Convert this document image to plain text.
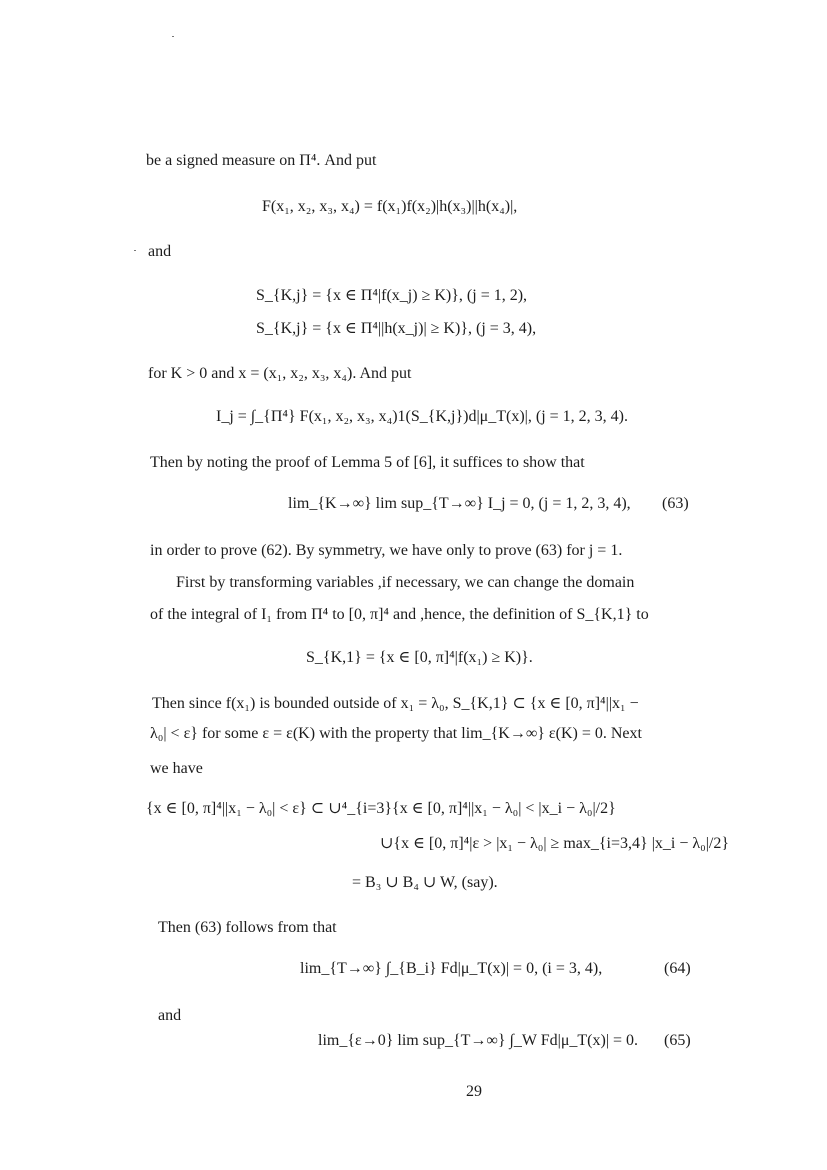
be a signed measure on Π⁴. And put
F(x₁, x₂, x₃, x₄) = f(x₁)f(x₂)|h(x₃)||h(x₄)|,
and
S_{K,j} = {x ∈ Π⁴|f(x_j) ≥ K)}, (j = 1, 2),
S_{K,j} = {x ∈ Π⁴||h(x_j)| ≥ K)}, (j = 3, 4),
for K > 0 and x = (x₁, x₂, x₃, x₄). And put
I_j = ∫_{Π⁴} F(x₁, x₂, x₃, x₄)1(S_{K,j})d|μ_T(x)|, (j = 1, 2, 3, 4).
Then by noting the proof of Lemma 5 of [6], it suffices to show that
lim_{K→∞} lim sup_{T→∞} I_j = 0, (j = 1, 2, 3, 4), (63)
in order to prove (62). By symmetry, we have only to prove (63) for j = 1.
First by transforming variables ,if necessary, we can change the domain
of the integral of I₁ from Π⁴ to [0, π]⁴ and ,hence, the definition of S_{K,1} to
S_{K,1} = {x ∈ [0, π]⁴|f(x₁) ≥ K)}.
Then since f(x₁) is bounded outside of x₁ = λ₀, S_{K,1} ⊂ {x ∈ [0, π]⁴||x₁ −
λ₀| < ε} for some ε = ε(K) with the property that lim_{K→∞} ε(K) = 0. Next
we have
{x ∈ [0, π]⁴||x₁ − λ₀| < ε} ⊂ ∪⁴_{i=3}{x ∈ [0, π]⁴||x₁ − λ₀| < |x_i − λ₀|/2}
∪{x ∈ [0, π]⁴|ε > |x₁ − λ₀| ≥ max_{i=3,4} |x_i − λ₀|/2}
= B₃ ∪ B₄ ∪ W, (say).
Then (63) follows from that
lim_{T→∞} ∫_{B_i} Fd|μ_T(x)| = 0, (i = 3, 4),	(64)
and
lim_{ε→0} lim sup_{T→∞} ∫_W Fd|μ_T(x)| = 0. (65)
29
